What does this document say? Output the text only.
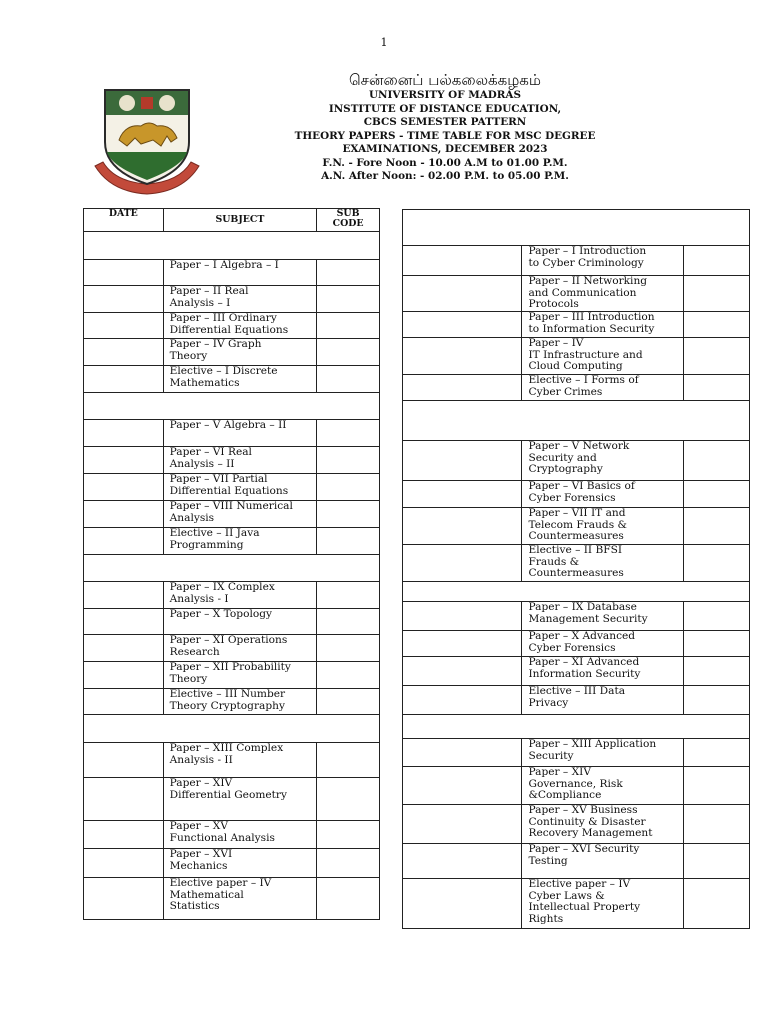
1
சென்னைப் பல்கலைக்கழகம்
UNIVERSITY OF MADRAS
INSTITUTE OF DISTANCE EDUCATION,
CBCS SEMESTER PATTERN
THEORY PAPERS - TIME TABLE FOR MSC DEGREE
EXAMINATIONS, DECEMBER 2023
F.N. - Fore Noon - 10.00 A.M to 01.00 P.M.
A.N. After Noon: - 02.00 P.M. to 05.00 P.M.
DATE	SUBJECT	SUB
CODE

	Paper – I Algebra – I	
	Paper – II Real
Analysis – I	
	Paper – III Ordinary
Differential Equations	
	Paper – IV Graph
Theory	
	Elective – I Discrete
Mathematics	

	Paper – V Algebra – II	
	Paper – VI Real
Analysis – II	
	Paper – VII Partial
Differential Equations	
	Paper – VIII Numerical
Analysis	
	Elective – II Java
Programming	

	Paper – IX Complex
Analysis - I	
	Paper – X Topology	
	Paper – XI Operations
Research	
	Paper – XII Probability
Theory	
	Elective – III Number
Theory Cryptography	

	Paper – XIII Complex
Analysis - II	
	Paper – XIV
Differential Geometry	
	Paper – XV
Functional Analysis	
	Paper – XVI
Mechanics	
	Elective paper – IV
Mathematical
Statistics	

	Paper – I Introduction
to Cyber Criminology	
	Paper – II Networking
and Communication
Protocols	
	Paper – III Introduction
to Information Security	
	Paper – IV
IT Infrastructure and
Cloud Computing	
	Elective – I Forms of
Cyber Crimes	

	Paper – V Network
Security and
Cryptography	
	Paper – VI Basics of
Cyber Forensics	
	Paper – VII IT and
Telecom Frauds &
Countermeasures	
	Elective – II BFSI
Frauds &
Countermeasures	

	Paper – IX Database
Management Security	
	Paper – X Advanced
Cyber Forensics	
	Paper – XI Advanced
Information Security	
	Elective – III Data
Privacy	

	Paper – XIII Application
Security	
	Paper – XIV
Governance, Risk
&Compliance	
	Paper – XV Business
Continuity & Disaster
Recovery Management	
	Paper – XVI Security
Testing	
	Elective paper – IV
Cyber Laws &
Intellectual Property
Rights	
